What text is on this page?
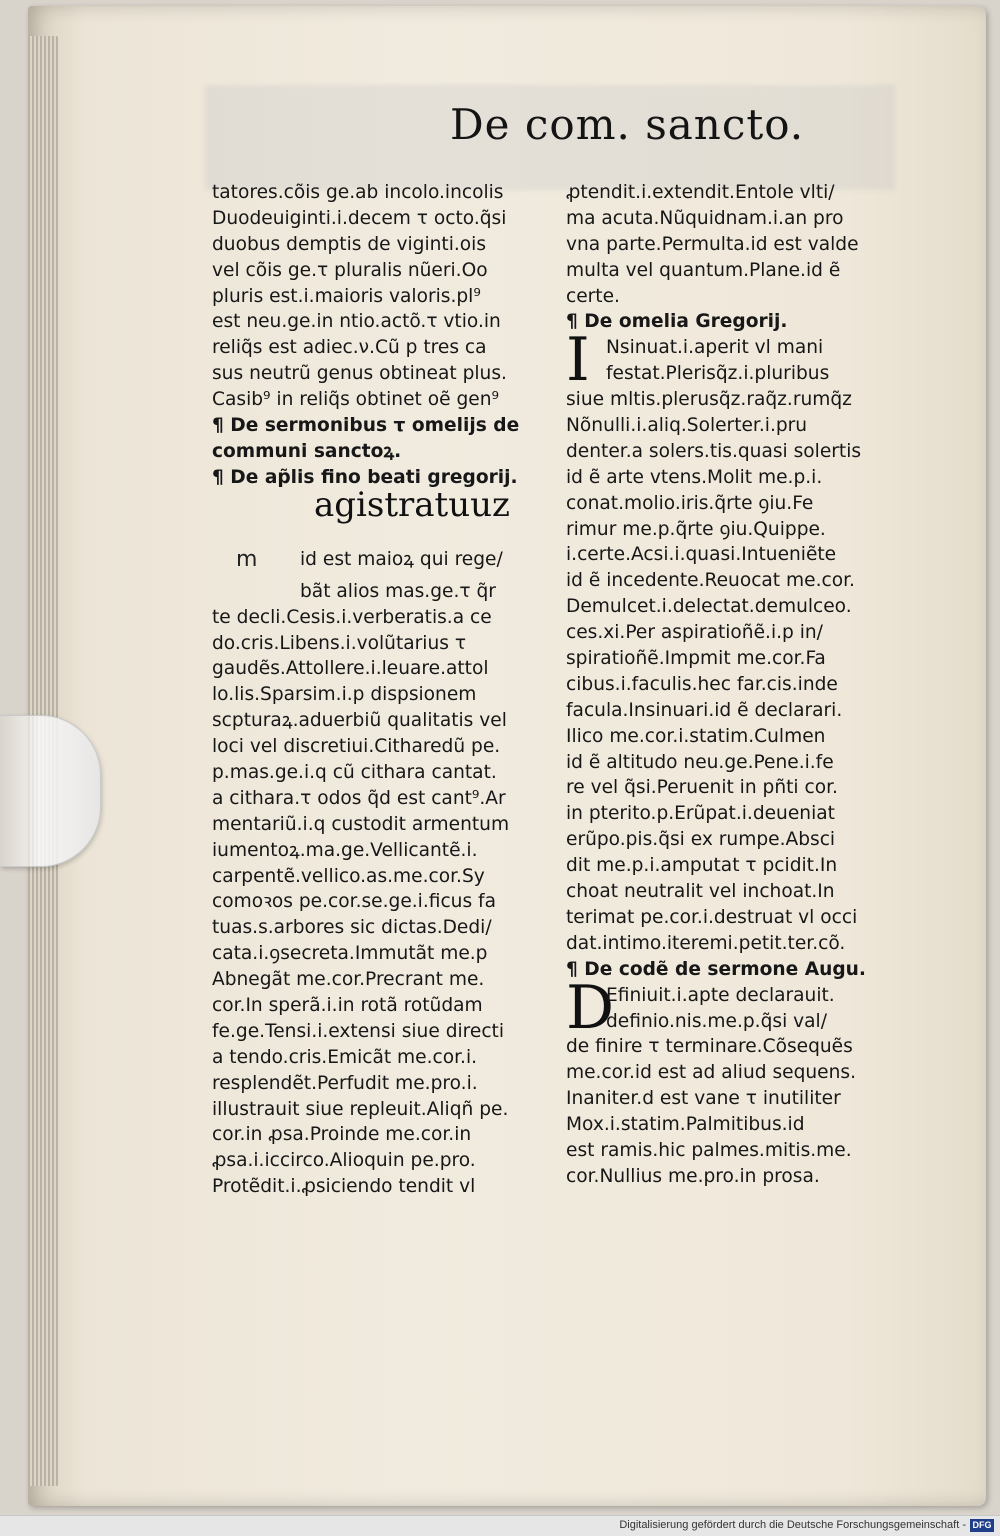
De com. sancto.
tatores.cõis ge.ab incolo.incolis
Duodeuiginti.i.decem τ octo.q̃si
duobus demptis de viginti.ois
vel cõis ge.τ pluralis nũeri.Oo
pluris est.i.maioris valoris.pl⁹
est neu.ge.in ntio.actõ.τ vtio.in
reliq̃s est adiec.ν.Cũ p tres ca
sus neutrũ genus obtineat plus.
Casib⁹ in reliq̃s obtinet oẽ gen⁹
¶ De sermonibus τ omelijs de communi sanctoꝝ.
¶ De ap̃lis fino beati gregorij.
agistratuuz
m id est maioꝝ qui rege/
bãt alios mas.ge.τ q̃r
te decli.Cesis.i.verberatis.a ce
do.cris.Libens.i.volũtarius τ
gaudẽs.Attollere.i.leuare.attol
lo.lis.Sparsim.i.p dispsionem
scpturaꝝ.aduerbiũ qualitatis vel
loci vel discretiui.Citharedũ pe.
p.mas.ge.i.q cũ cithara cantat.
a cithara.τ odos q̃d est cant⁹.Ar
mentariũ.i.q custodit armentum
iumentoꝝ.ma.ge.Vellicantẽ.i.
carpentẽ.vellico.as.me.cor.Sy
comoꝛos pe.cor.se.ge.i.ficus fa
tuas.s.arbores sic dictas.Dedi/
cata.i.ꝯsecreta.Immutãt me.p
Abnegãt me.cor.Precrant me.
cor.In sperã.i.in rotã rotũdam
fe.ge.Tensi.i.extensi siue directi
a tendo.cris.Emicãt me.cor.i.
resplendẽt.Perfudit me.pro.i.
illustrauit siue repleuit.Aliqñ pe.
cor.in ꝓsa.Proinde me.cor.in
ꝓsa.i.iccirco.Alioquin pe.pro.
Protẽdit.i.ꝓsiciendo tendit vl
ꝓtendit.i.extendit.Entole vlti/
ma acuta.Nũquidnam.i.an pro
vna parte.Permulta.id est valde
multa vel quantum.Plane.id ẽ
certe.
¶ De omelia Gregorij.
I Nsinuat.i.aperit vl mani
festat.Plerisq̃z.i.pluribus
siue mltis.plerusq̃z.raq̃z.rumq̃z
Nõnulli.i.aliq.Solerter.i.pru
denter.a solers.tis.quasi solertis
id ẽ arte vtens.Molit me.p.i.
conat.molio.iris.q̃rte ꝯiu.Fe
rimur me.p.q̃rte ꝯiu.Quippe.
i.certe.Acsi.i.quasi.Intueniẽte
id ẽ incedente.Reuocat me.cor.
Demulcet.i.delectat.demulceo.
ces.xi.Per aspiratioñẽ.i.p in/
spiratioñẽ.Impmit me.cor.Fa
cibus.i.faculis.hec far.cis.inde
facula.Insinuari.id ẽ declarari.
Ilico me.cor.i.statim.Culmen
id ẽ altitudo neu.ge.Pene.i.fe
re vel q̃si.Peruenit in pñti cor.
in pterito.p.Erũpat.i.deueniat
erũpo.pis.q̃si ex rumpe.Absci
dit me.p.i.amputat τ pcidit.In
choat neutralit vel inchoat.In
terimat pe.cor.i.destruat vl occi
dat.intimo.iteremi.petit.ter.cõ.
¶ De codẽ de sermone Augu.
D
Efiniuit.i.apte declarauit.
definio.nis.me.p.q̃si val/
de finire τ terminare.Cõsequẽs
me.cor.id est ad aliud sequens.
Inaniter.d est vane τ inutiliter
Mox.i.statim.Palmitibus.id
est ramis.hic palmes.mitis.me.
cor.Nullius me.pro.in prosa.
Digitalisierung gefördert durch die Deutsche Forschungsgemeinschaft - DFG
